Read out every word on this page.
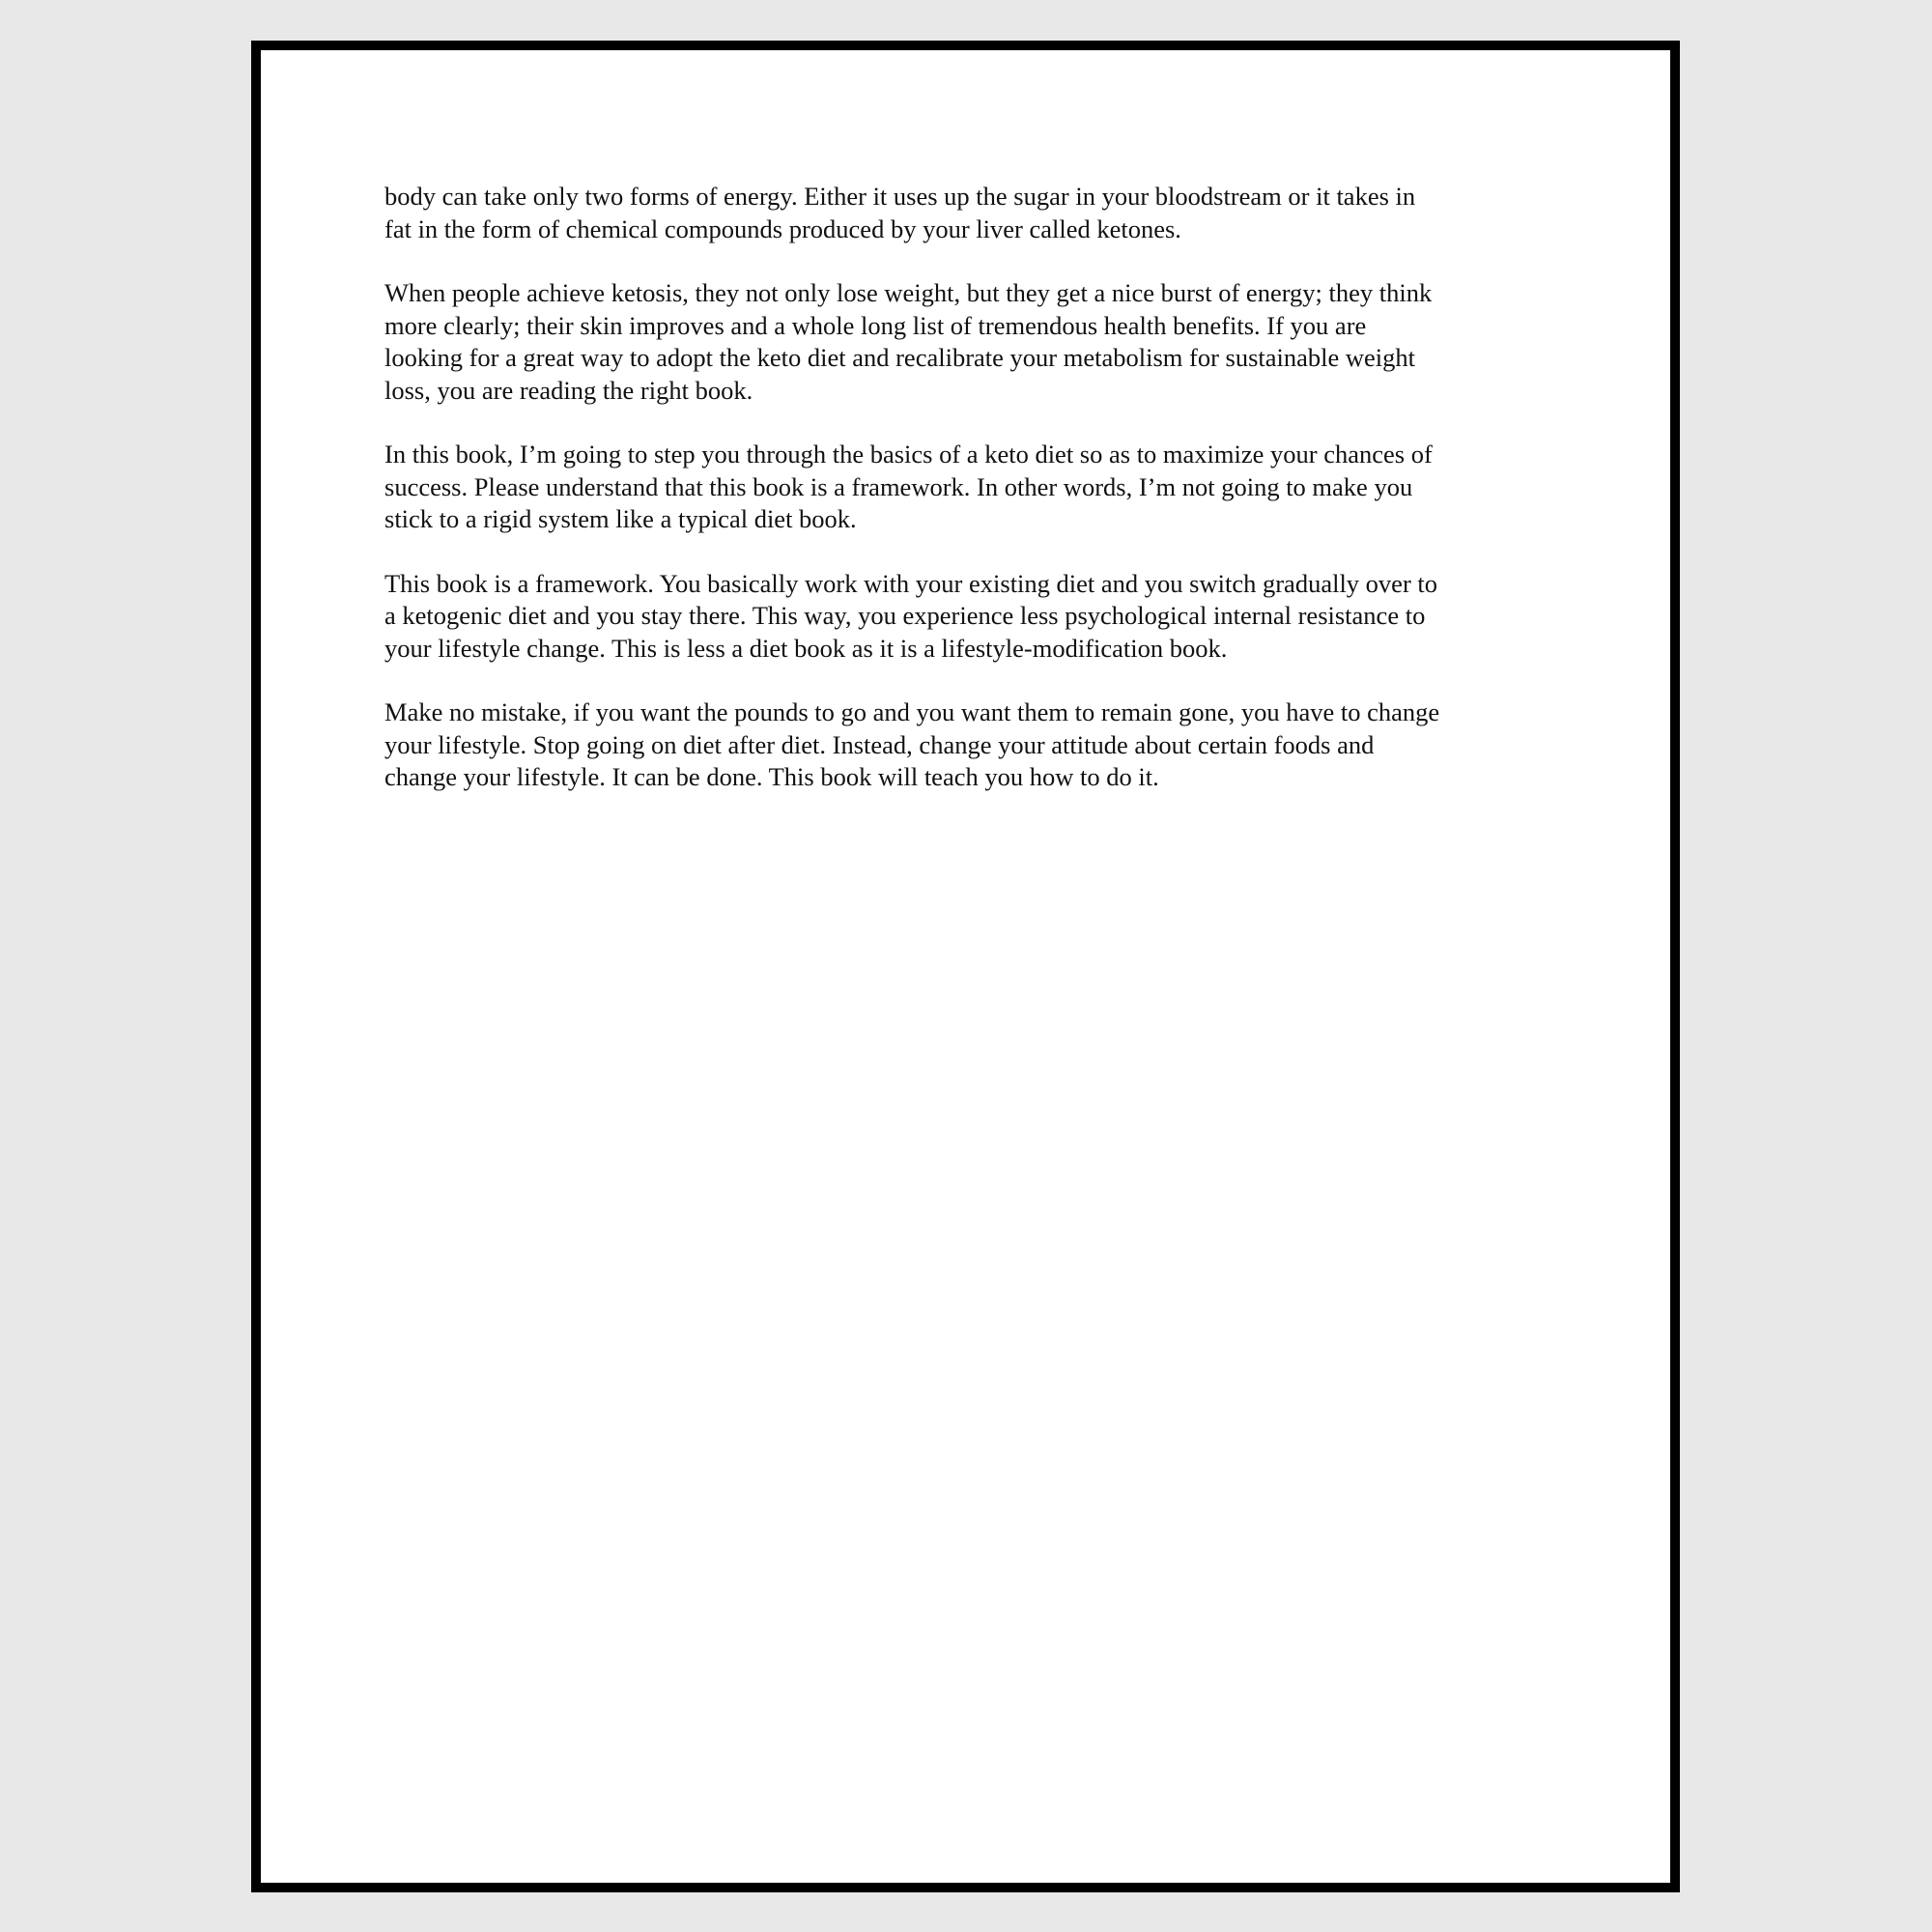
body can take only two forms of energy. Either it uses up the sugar in your bloodstream or it takes in
fat in the form of chemical compounds produced by your liver called ketones.

When people achieve ketosis, they not only lose weight, but they get a nice burst of energy; they think
more clearly; their skin improves and a whole long list of tremendous health benefits. If you are
looking for a great way to adopt the keto diet and recalibrate your metabolism for sustainable weight
loss, you are reading the right book.

In this book, I’m going to step you through the basics of a keto diet so as to maximize your chances of
success. Please understand that this book is a framework. In other words, I’m not going to make you
stick to a rigid system like a typical diet book.

This book is a framework. You basically work with your existing diet and you switch gradually over to
a ketogenic diet and you stay there. This way, you experience less psychological internal resistance to
your lifestyle change. This is less a diet book as it is a lifestyle-modification book.

Make no mistake, if you want the pounds to go and you want them to remain gone, you have to change
your lifestyle. Stop going on diet after diet. Instead, change your attitude about certain foods and
change your lifestyle. It can be done. This book will teach you how to do it.
